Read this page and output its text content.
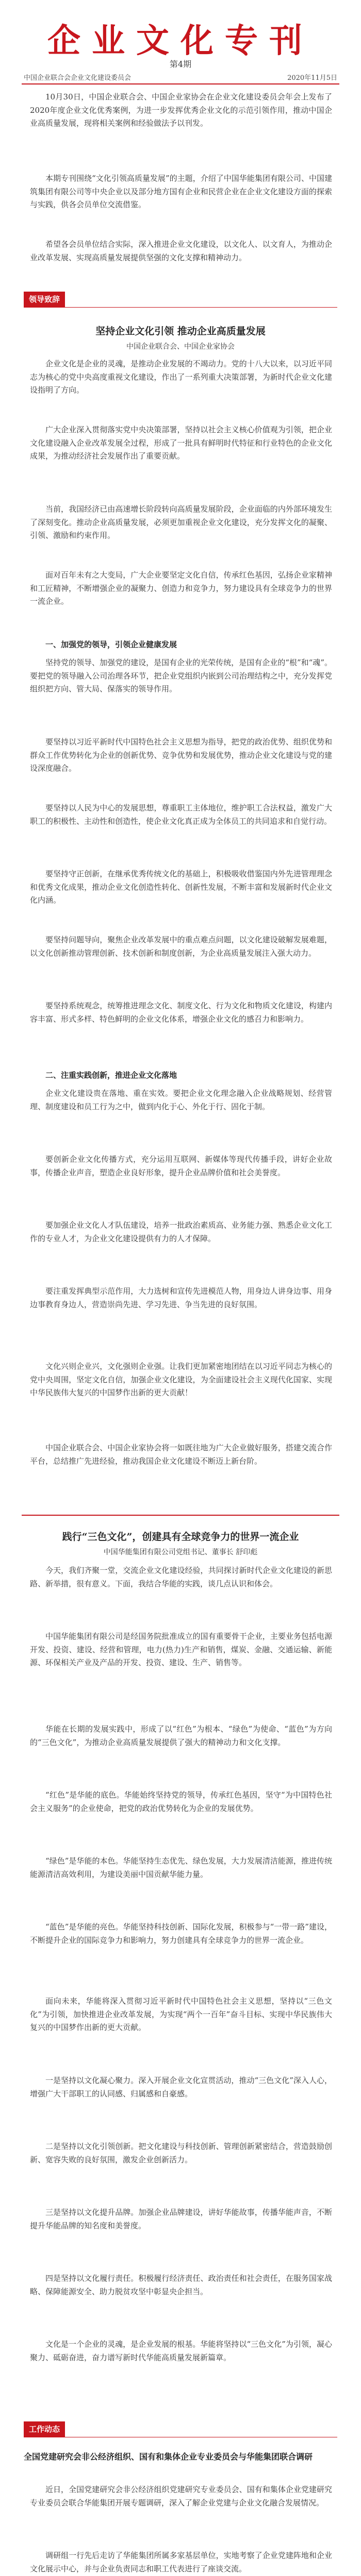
企业文化专刊
第4期
中国企业联合会企业文化建设委员会	2020年11月5日
10月30日，中国企业联合会、中国企业家协会在企业文化建设委员会年会上发布了2020年度企业文化优秀案例，为进一步发挥优秀企业文化的示范引领作用，推动中国企业高质量发展，现将相关案例和经验做法予以刊发。
本期专刊围绕“文化引领高质量发展”的主题，介绍了中国华能集团有限公司、中国建筑集团有限公司等中央企业以及部分地方国有企业和民营企业在企业文化建设方面的探索与实践，供各会员单位交流借鉴。
希望各会员单位结合实际，深入推进企业文化建设，以文化人、以文育人，为推动企业改革发展、实现高质量发展提供坚强的文化支撑和精神动力。
领导致辞
坚持企业文化引领 推动企业高质量发展
中国企业联合会、中国企业家协会
企业文化是企业的灵魂，是推动企业发展的不竭动力。党的十八大以来，以习近平同志为核心的党中央高度重视文化建设，作出了一系列重大决策部署，为新时代企业文化建设指明了方向。
广大企业深入贯彻落实党中央决策部署，坚持以社会主义核心价值观为引领，把企业文化建设融入企业改革发展全过程，形成了一批具有鲜明时代特征和行业特色的企业文化成果，为推动经济社会发展作出了重要贡献。
当前，我国经济已由高速增长阶段转向高质量发展阶段，企业面临的内外部环境发生了深刻变化。推动企业高质量发展，必须更加重视企业文化建设，充分发挥文化的凝聚、引领、激励和约束作用。
面对百年未有之大变局，广大企业要坚定文化自信，传承红色基因，弘扬企业家精神和工匠精神，不断增强企业的凝聚力、创造力和竞争力，努力建设具有全球竞争力的世界一流企业。
一、加强党的领导，引领企业健康发展
坚持党的领导、加强党的建设，是国有企业的光荣传统，是国有企业的“根”和“魂”。要把党的领导融入公司治理各环节，把企业党组织内嵌到公司治理结构之中，充分发挥党组织把方向、管大局、保落实的领导作用。
要坚持以习近平新时代中国特色社会主义思想为指导，把党的政治优势、组织优势和群众工作优势转化为企业的创新优势、竞争优势和发展优势，推动企业文化建设与党的建设深度融合。
要坚持以人民为中心的发展思想，尊重职工主体地位，维护职工合法权益，激发广大职工的积极性、主动性和创造性，使企业文化真正成为全体员工的共同追求和自觉行动。
要坚持守正创新，在继承优秀传统文化的基础上，积极吸收借鉴国内外先进管理理念和优秀文化成果，推动企业文化创造性转化、创新性发展，不断丰富和发展新时代企业文化内涵。
要坚持问题导向，聚焦企业改革发展中的重点难点问题，以文化建设破解发展难题，以文化创新推动管理创新、技术创新和制度创新，为企业高质量发展注入强大动力。
要坚持系统观念，统筹推进理念文化、制度文化、行为文化和物质文化建设，构建内容丰富、形式多样、特色鲜明的企业文化体系，增强企业文化的感召力和影响力。
二、注重实践创新，推进企业文化落地
企业文化建设贵在落地、重在实效。要把企业文化理念融入企业战略规划、经营管理、制度建设和员工行为之中，做到内化于心、外化于行、固化于制。
要创新企业文化传播方式，充分运用互联网、新媒体等现代传播手段，讲好企业故事，传播企业声音，塑造企业良好形象，提升企业品牌价值和社会美誉度。
要加强企业文化人才队伍建设，培养一批政治素质高、业务能力强、熟悉企业文化工作的专业人才，为企业文化建设提供有力的人才保障。
要注重发挥典型示范作用，大力选树和宣传先进模范人物，用身边人讲身边事、用身边事教育身边人，营造崇尚先进、学习先进、争当先进的良好氛围。
文化兴则企业兴，文化强则企业强。让我们更加紧密地团结在以习近平同志为核心的党中央周围，坚定文化自信，加强企业文化建设，为全面建设社会主义现代化国家、实现中华民族伟大复兴的中国梦作出新的更大贡献！
中国企业联合会、中国企业家协会将一如既往地为广大企业做好服务，搭建交流合作平台，总结推广先进经验，推动我国企业文化建设不断迈上新台阶。
践行“三色文化”，创建具有全球竞争力的世界一流企业
中国华能集团有限公司党组书记、董事长 舒印彪
今天，我们齐聚一堂，交流企业文化建设经验，共同探讨新时代企业文化建设的新思路、新举措，很有意义。下面，我结合华能的实践，谈几点认识和体会。
中国华能集团有限公司是经国务院批准成立的国有重要骨干企业，主要业务包括电源开发、投资、建设、经营和管理，电力(热力)生产和销售，煤炭、金融、交通运输、新能源、环保相关产业及产品的开发、投资、建设、生产、销售等。
华能在长期的发展实践中，形成了以“红色”为根本、“绿色”为使命、“蓝色”为方向的“三色文化”，为推动企业高质量发展提供了强大的精神动力和文化支撑。
“红色”是华能的底色。华能始终坚持党的领导，传承红色基因，坚守“为中国特色社会主义服务”的企业使命，把党的政治优势转化为企业的发展优势。
“绿色”是华能的本色。华能坚持生态优先、绿色发展，大力发展清洁能源，推进传统能源清洁高效利用，为建设美丽中国贡献华能力量。
“蓝色”是华能的亮色。华能坚持科技创新、国际化发展，积极参与“一带一路”建设，不断提升企业的国际竞争力和影响力，努力创建具有全球竞争力的世界一流企业。
面向未来，华能将深入贯彻习近平新时代中国特色社会主义思想，坚持以“三色文化”为引领，加快推进企业改革发展，为实现“两个一百年”奋斗目标、实现中华民族伟大复兴的中国梦作出新的更大贡献。
一是坚持以文化凝心聚力。深入开展企业文化宣贯活动，推动“三色文化”深入人心，增强广大干部职工的认同感、归属感和自豪感。
二是坚持以文化引领创新。把文化建设与科技创新、管理创新紧密结合，营造鼓励创新、宽容失败的良好氛围，激发企业创新活力。
三是坚持以文化提升品牌。加强企业品牌建设，讲好华能故事，传播华能声音，不断提升华能品牌的知名度和美誉度。
四是坚持以文化履行责任。积极履行经济责任、政治责任和社会责任，在服务国家战略、保障能源安全、助力脱贫攻坚中彰显央企担当。
文化是一个企业的灵魂，是企业发展的根基。华能将坚持以“三色文化”为引领，凝心聚力、砥砺奋进，奋力谱写新时代华能高质量发展新篇章。
工作动态
全国党建研究会非公经济组织、国有和集体企业专业委员会与华能集团联合调研
近日，全国党建研究会非公经济组织党建研究专业委员会、国有和集体企业党建研究专业委员会联合华能集团开展专题调研，深入了解企业党建与企业文化融合发展情况。
调研组一行先后走访了华能集团所属多家基层单位，实地考察了企业党建阵地和企业文化展示中心，并与企业负责同志和职工代表进行了座谈交流。
